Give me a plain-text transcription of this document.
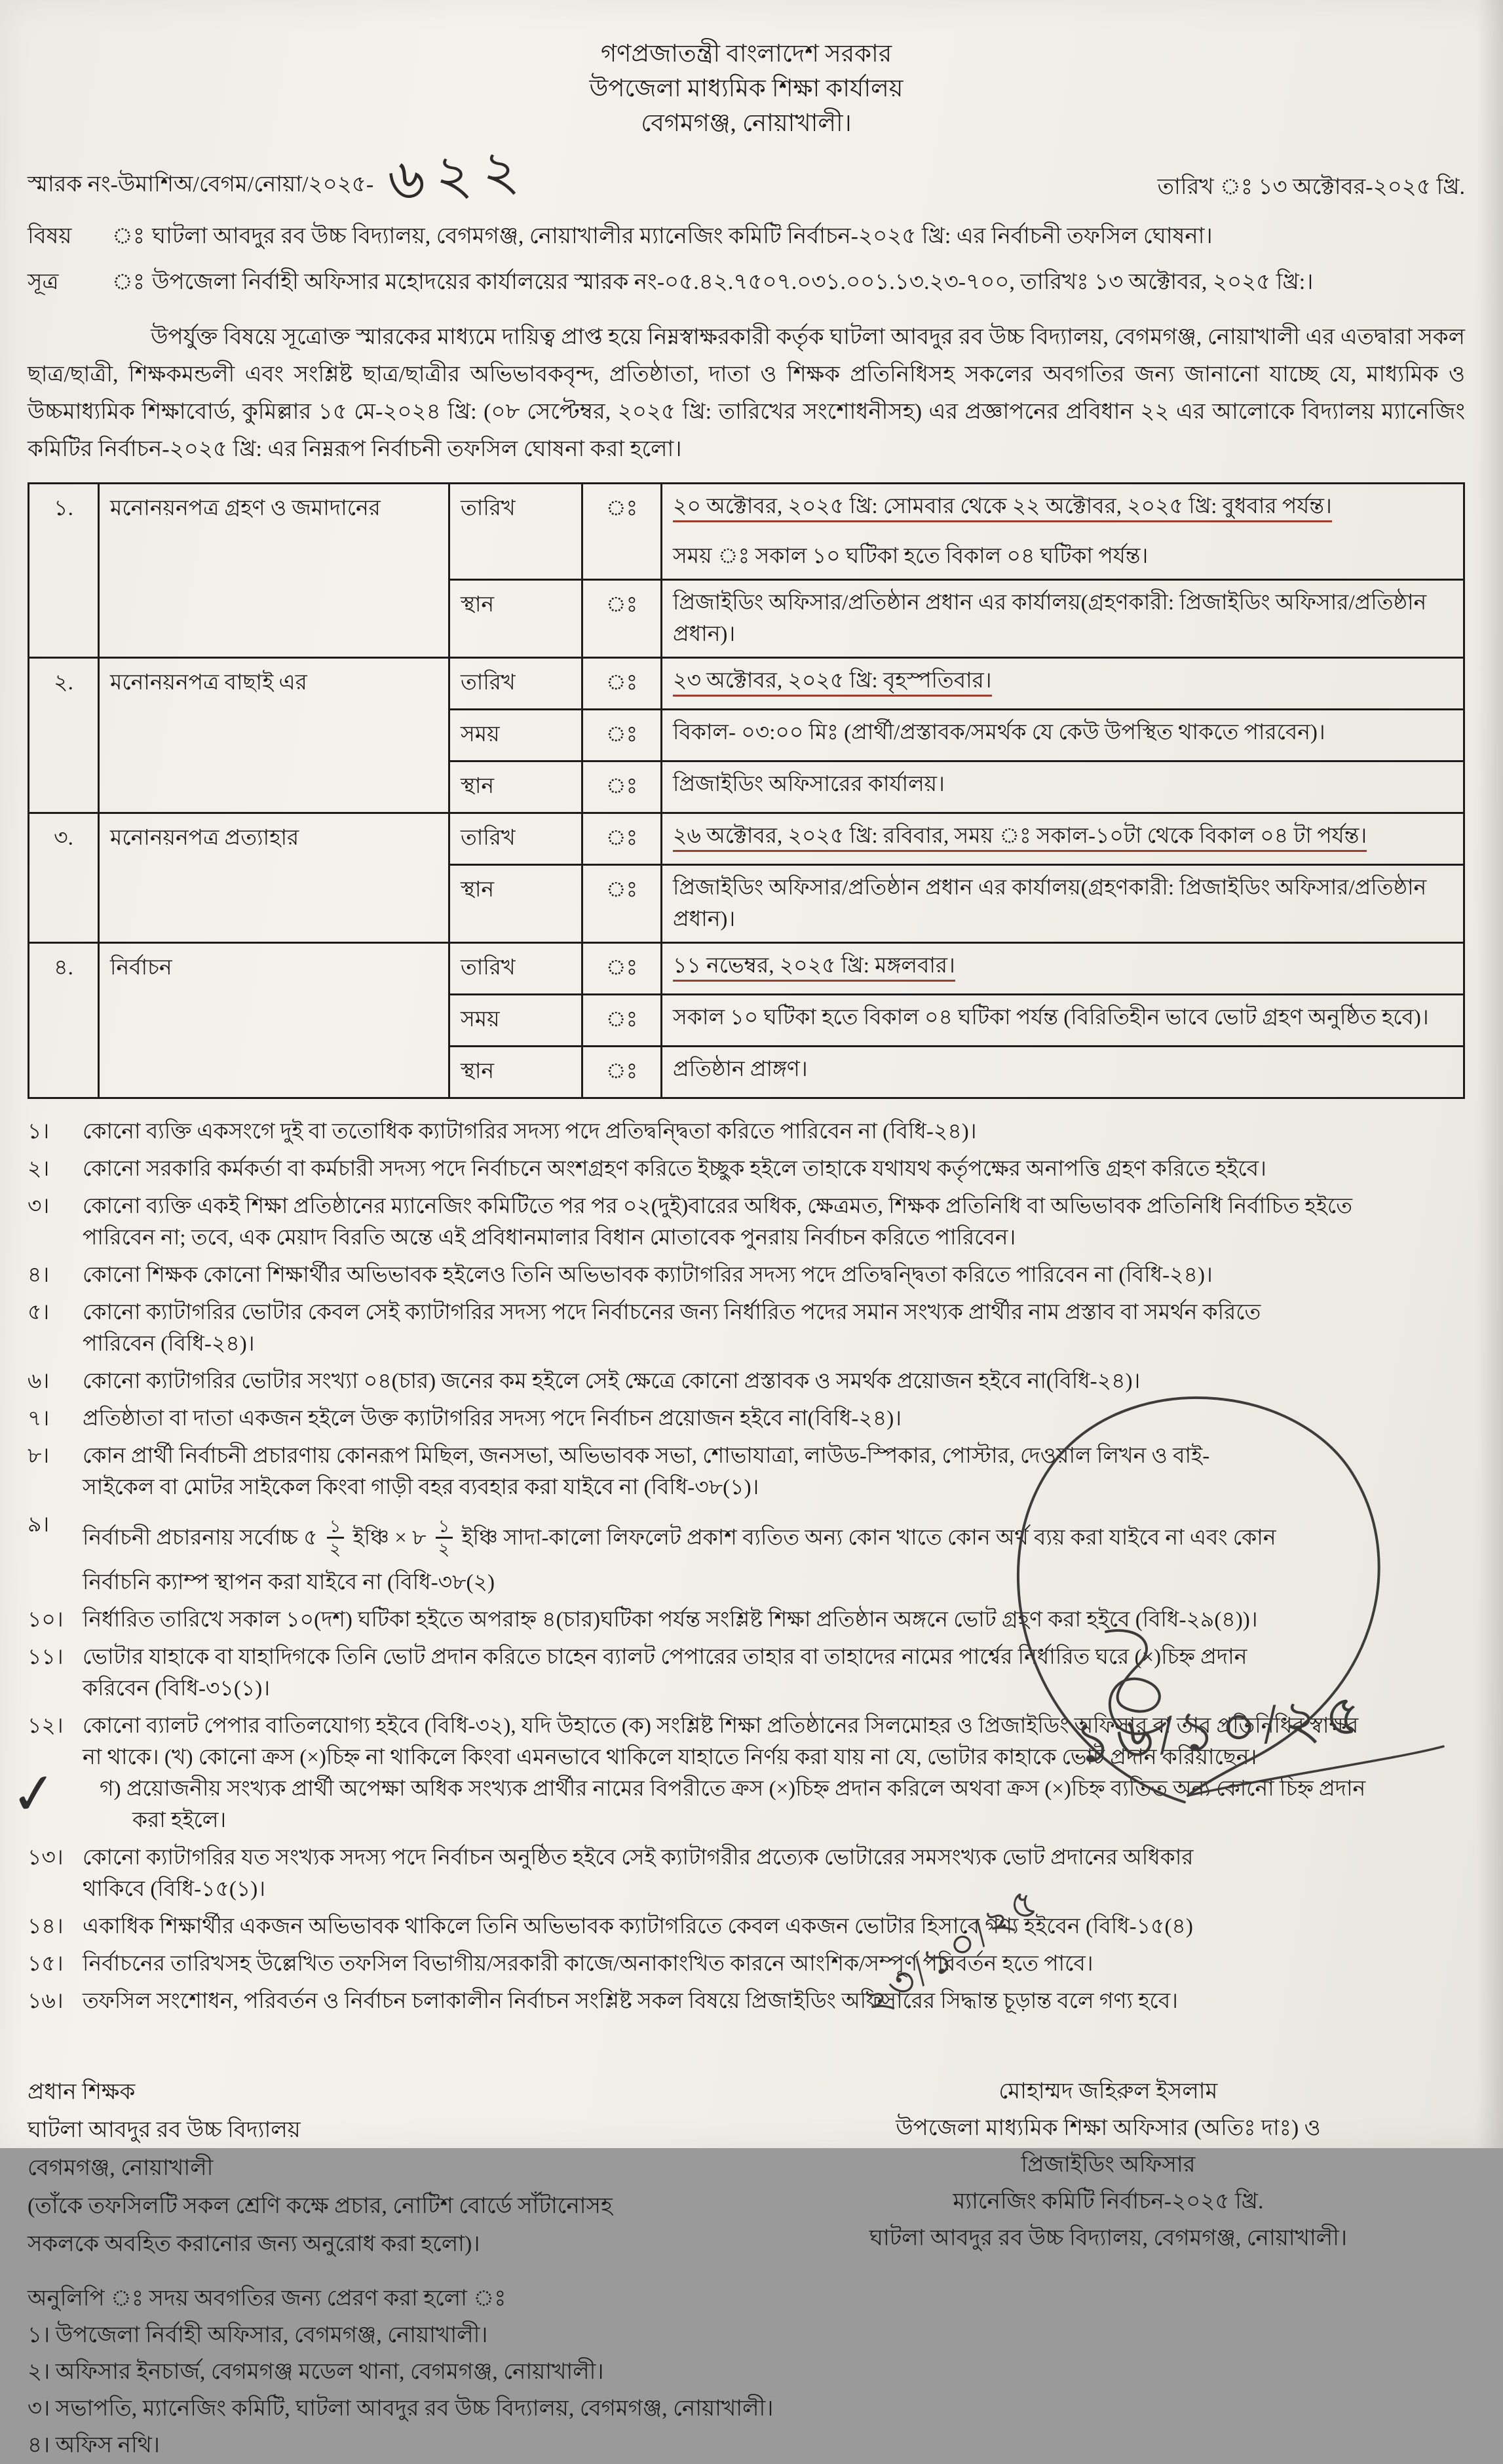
গণপ্রজাতন্ত্রী বাংলাদেশ সরকার
উপজেলা মাধ্যমিক শিক্ষা কার্যালয়
বেগমগঞ্জ, নোয়াখালী।
স্মারক নং-উমাশিঅ/বেগম/নোয়া/২০২৫- ৬২২	তারিখ ঃ ১৩ অক্টোবর-২০২৫ খ্রি.
বিষয়	ঃ ঘাটলা আবদুর রব উচ্চ বিদ্যালয়, বেগমগঞ্জ, নোয়াখালীর ম্যানেজিং কমিটি নির্বাচন-২০২৫ খ্রি: এর নির্বাচনী তফসিল ঘোষনা।
সূত্র	ঃ উপজেলা নির্বাহী অফিসার মহোদয়ের কার্যালয়ের স্মারক নং-০৫.৪২.৭৫০৭.০৩১.০০১.১৩.২৩-৭০০, তারিখঃ ১৩ অক্টোবর, ২০২৫ খ্রি:।
উপর্যুক্ত বিষয়ে সূত্রোক্ত স্মারকের মাধ্যমে দায়িত্ব প্রাপ্ত হয়ে নিম্নস্বাক্ষরকারী কর্তৃক ঘাটলা আবদুর রব উচ্চ বিদ্যালয়, বেগমগঞ্জ, নোয়াখালী এর এতদ্বারা সকল ছাত্র/ছাত্রী, শিক্ষকমন্ডলী এবং সংশ্লিষ্ট ছাত্র/ছাত্রীর অভিভাবকবৃন্দ, প্রতিষ্ঠাতা, দাতা ও শিক্ষক প্রতিনিধিসহ সকলের অবগতির জন্য জানানো যাচ্ছে যে, মাধ্যমিক ও উচ্চমাধ্যমিক শিক্ষাবোর্ড, কুমিল্লার ১৫ মে-২০২৪ খ্রি: (০৮ সেপ্টেম্বর, ২০২৫ খ্রি: তারিখের সংশোধনীসহ) এর প্রজ্ঞাপনের প্রবিধান ২২ এর আলোকে বিদ্যালয় ম্যানেজিং কমিটির নির্বাচন-২০২৫ খ্রি: এর নিম্নরূপ নির্বাচনী তফসিল ঘোষনা করা হলো।
১.	মনোনয়নপত্র গ্রহণ ও জমাদানের	তারিখ	ঃ	২০ অক্টোবর, ২০২৫ খ্রি: সোমবার থেকে ২২ অক্টোবর, ২০২৫ খ্রি: বুধবার পর্যন্ত।
সময় ঃ সকাল ১০ ঘটিকা হতে বিকাল ০৪ ঘটিকা পর্যন্ত।

		স্থান	ঃ	প্রিজাইডিং অফিসার/প্রতিষ্ঠান প্রধান এর কার্যালয়(গ্রহণকারী: প্রিজাইডিং অফিসার/প্রতিষ্ঠান প্রধান)।

২.	মনোনয়নপত্র বাছাই এর	তারিখ	ঃ	২৩ অক্টোবর, ২০২৫ খ্রি: বৃহস্পতিবার।

		সময়	ঃ	বিকাল- ০৩:০০ মিঃ (প্রার্থী/প্রস্তাবক/সমর্থক যে কেউ উপস্থিত থাকতে পারবেন)।

		স্থান	ঃ	প্রিজাইডিং অফিসারের কার্যালয়।

৩.	মনোনয়নপত্র প্রত্যাহার	তারিখ	ঃ	২৬ অক্টোবর, ২০২৫ খ্রি: রবিবার, সময় ঃ সকাল-১০টা থেকে বিকাল ০৪ টা পর্যন্ত।

		স্থান	ঃ	প্রিজাইডিং অফিসার/প্রতিষ্ঠান প্রধান এর কার্যালয়(গ্রহণকারী: প্রিজাইডিং অফিসার/প্রতিষ্ঠান প্রধান)।

৪.	নির্বাচন	তারিখ	ঃ	১১ নভেম্বর, ২০২৫ খ্রি: মঙ্গলবার।

		সময়	ঃ	সকাল ১০ ঘটিকা হতে বিকাল ০৪ ঘটিকা পর্যন্ত (বিরিতিহীন ভাবে ভোট গ্রহণ অনুষ্ঠিত হবে)।

		স্থান	ঃ	প্রতিষ্ঠান প্রাঙ্গণ।
১।	কোনো ব্যক্তি একসংগে দুই বা ততোধিক ক্যাটাগরির সদস্য পদে প্রতিদ্বন্দ্বিতা করিতে পারিবেন না (বিধি-২৪)।
২।	কোনো সরকারি কর্মকর্তা বা কর্মচারী সদস্য পদে নির্বাচনে অংশগ্রহণ করিতে ইচ্ছুক হইলে তাহাকে যথাযথ কর্তৃপক্ষের অনাপত্তি গ্রহণ করিতে হইবে।
৩।	কোনো ব্যক্তি একই শিক্ষা প্রতিষ্ঠানের ম্যানেজিং কমিটিতে পর পর ০২(দুই)বারের অধিক, ক্ষেত্রমত, শিক্ষক প্রতিনিধি বা অভিভাবক প্রতিনিধি নির্বাচিত হইতে
পারিবেন না; তবে, এক মেয়াদ বিরতি অন্তে এই প্রবিধানমালার বিধান মোতাবেক পুনরায় নির্বাচন করিতে পারিবেন।
৪।	কোনো শিক্ষক কোনো শিক্ষার্থীর অভিভাবক হইলেও তিনি অভিভাবক ক্যাটাগরির সদস্য পদে প্রতিদ্বন্দ্বিতা করিতে পারিবেন না (বিধি-২৪)।
৫।	কোনো ক্যাটাগরির ভোটার কেবল সেই ক্যাটাগরির সদস্য পদে নির্বাচনের জন্য নির্ধারিত পদের সমান সংখ্যক প্রার্থীর নাম প্রস্তাব বা সমর্থন করিতে
পারিবেন (বিধি-২৪)।
৬।	কোনো ক্যাটাগরির ভোটার সংখ্যা ০৪(চার) জনের কম হইলে সেই ক্ষেত্রে কোনো প্রস্তাবক ও সমর্থক প্রয়োজন হইবে না(বিধি-২৪)।
৭।	প্রতিষ্ঠাতা বা দাতা একজন হইলে উক্ত ক্যাটাগরির সদস্য পদে নির্বাচন প্রয়োজন হইবে না(বিধি-২৪)।
৮।	কোন প্রার্থী নির্বাচনী প্রচারণায় কোনরূপ মিছিল, জনসভা, অভিভাবক সভা, শোভাযাত্রা, লাউড-স্পিকার, পোস্টার, দেওয়াল লিখন ও বাই-
সাইকেল বা মোটর সাইকেল কিংবা গাড়ী বহর ব্যবহার করা যাইবে না (বিধি-৩৮(১)।
৯।
নির্বাচনী প্রচারনায় সর্বোচ্চ ৫ $\frac{১}{২}$ ইঞ্চি × ৮ $\frac{১}{২}$ ইঞ্চি সাদা-কালো লিফলেট প্রকাশ ব্যতিত অন্য কোন খাতে কোন অর্থ ব্যয় করা যাইবে না এবং কোন
নির্বাচনি ক্যাম্প স্থাপন করা যাইবে না (বিধি-৩৮(২)
১০। নির্ধারিত তারিখে সকাল ১০(দশ) ঘটিকা হইতে অপরাহ্ন ৪(চার)ঘটিকা পর্যন্ত সংশ্লিষ্ট শিক্ষা প্রতিষ্ঠান অঙ্গনে ভোট গ্রহণ করা হইবে (বিধি-২৯(৪))।
১১। ভোটার যাহাকে বা যাহাদিগকে তিনি ভোট প্রদান করিতে চাহেন ব্যালট পেপারের তাহার বা তাহাদের নামের পার্শ্বের নির্ধারিত ঘরে (×)চিহ্ন প্রদান
করিবেন (বিধি-৩১(১)।
১২। কোনো ব্যালট পেপার বাতিলযোগ্য হইবে (বিধি-৩২), যদি উহাতে (ক) সংশ্লিষ্ট শিক্ষা প্রতিষ্ঠানের সিলমোহর ও প্রিজাইডিং অফিসার বা তার প্রতিনিধির স্বাক্ষর
না থাকে। (খ) কোনো ক্রস (×)চিহ্ন না থাকিলে কিংবা এমনভাবে থাকিলে যাহাতে নির্ণয় করা যায় না যে, ভোটার কাহাকে ভোট প্রদান করিয়াছেন।
গ) প্রয়োজনীয় সংখ্যক প্রার্থী অপেক্ষা অধিক সংখ্যক প্রার্থীর নামের বিপরীতে ক্রস (×)চিহ্ন প্রদান করিলে অথবা ক্রস (×)চিহ্ন ব্যতিত অন্য কোনো চিহ্ন প্রদান
করা হইলে।
১৩। কোনো ক্যাটাগরির যত সংখ্যক সদস্য পদে নির্বাচন অনুষ্ঠিত হইবে সেই ক্যাটাগরীর প্রত্যেক ভোটারের সমসংখ্যক ভোট প্রদানের অধিকার
থাকিবে (বিধি-১৫(১)।
১৪। একাধিক শিক্ষার্থীর একজন অভিভাবক থাকিলে তিনি অভিভাবক ক্যাটাগরিতে কেবল একজন ভোটার হিসাবে গণ্য হইবেন (বিধি-১৫(৪)
১৫। নির্বাচনের তারিখসহ উল্লেখিত তফসিল বিভাগীয়/সরকারী কাজে/অনাকাংখিত কারনে আংশিক/সম্পূর্ণ পরিবর্তন হতে পাবে।
১৬। তফসিল সংশোধন, পরিবর্তন ও নির্বাচন চলাকালীন নির্বাচন সংশ্লিষ্ট সকল বিষয়ে প্রিজাইডিং অফিসারের সিদ্ধান্ত চূড়ান্ত বলে গণ্য হবে।
প্রধান শিক্ষক
ঘাটলা আবদুর রব উচ্চ বিদ্যালয়
বেগমগঞ্জ, নোয়াখালী
(তাঁকে তফসিলটি সকল শ্রেণি কক্ষে প্রচার, নোটিশ বোর্ডে সাঁটানোসহ
সকলকে অবহিত করানোর জন্য অনুরোধ করা হলো)।
মোহাম্মদ জহিরুল ইসলাম
উপজেলা মাধ্যমিক শিক্ষা অফিসার (অতিঃ দাঃ) ও
প্রিজাইডিং অফিসার
ম্যানেজিং কমিটি নির্বাচন-২০২৫ খ্রি.
ঘাটলা আবদুর রব উচ্চ বিদ্যালয়, বেগমগঞ্জ, নোয়াখালী।
অনুলিপি ঃ সদয় অবগতির জন্য প্রেরণ করা হলো ঃ
১। উপজেলা নির্বাহী অফিসার, বেগমগঞ্জ, নোয়াখালী।
২। অফিসার ইনচার্জ, বেগমগঞ্জ মডেল থানা, বেগমগঞ্জ, নোয়াখালী।
৩। সভাপতি, ম্যানেজিং কমিটি, ঘাটলা আবদুর রব উচ্চ বিদ্যালয়, বেগমগঞ্জ, নোয়াখালী।
৪। অফিস নথি।
✓
১৬/১০/২৫
২৩/১০/২৫
